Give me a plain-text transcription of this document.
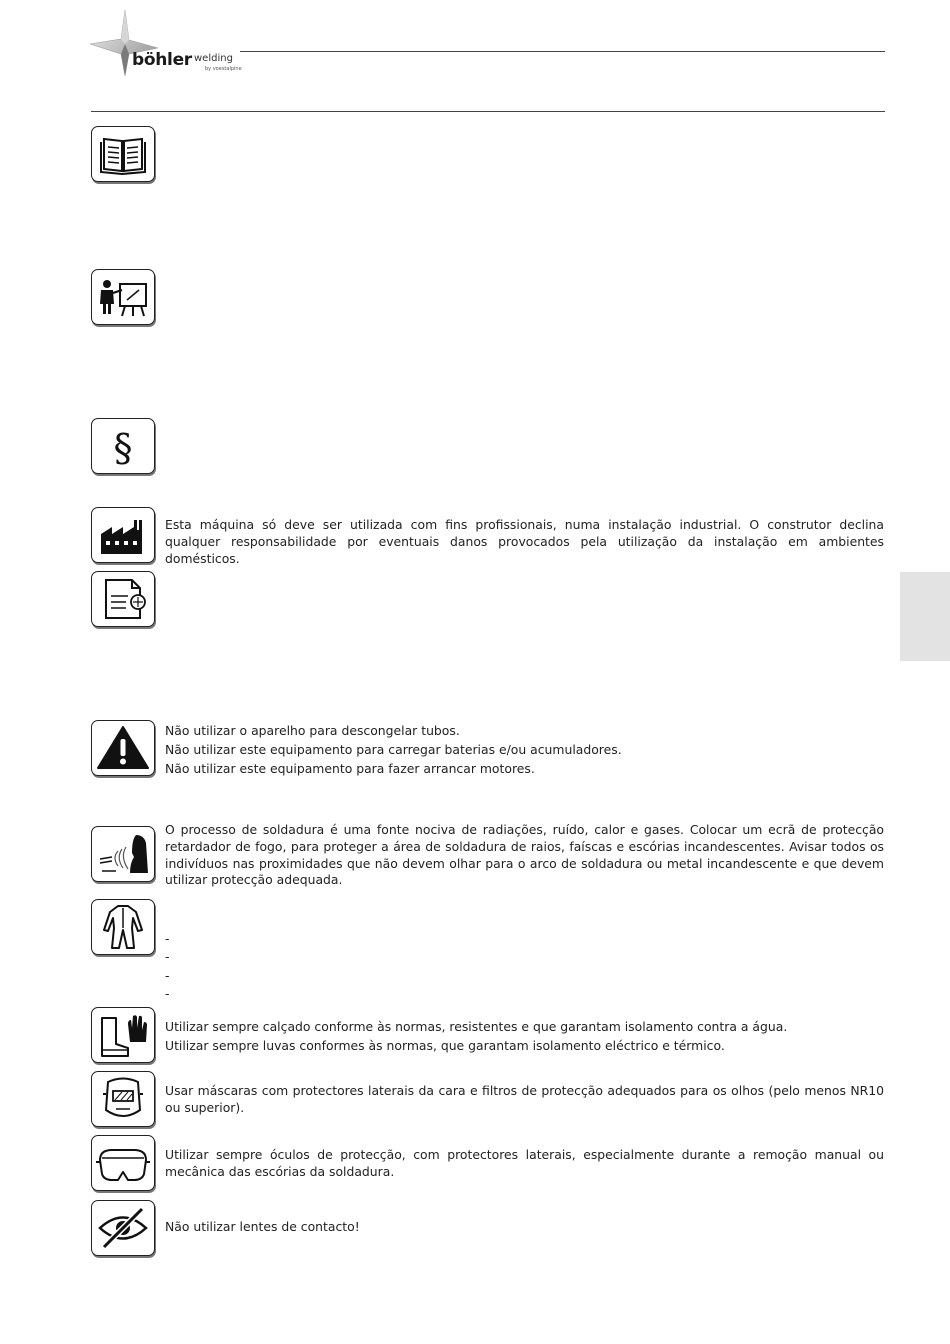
böhler welding
by voestalpine
§

Esta máquina só deve ser utilizada com fins profissionais, numa instalação industrial. O construtor declina qualquer responsabilidade por eventuais danos provocados pela utilização da instalação em ambientes domésticos.

Não utilizar o aparelho para descongelar tubos.
Não utilizar este equipamento para carregar baterias e/ou acumuladores.
Não utilizar este equipamento para fazer arrancar motores.

O processo de soldadura é uma fonte nociva de radiações, ruído, calor e gases. Colocar um ecrã de protecção retardador de fogo, para proteger a área de soldadura de raios, faíscas e escórias incandescentes. Avisar todos os indivíduos nas proximidades que não devem olhar para o arco de soldadura ou metal incandescente e que devem utilizar protecção adequada.

-
-
-
-

Utilizar sempre calçado conforme às normas, resistentes e que garantam isolamento contra a água.
Utilizar sempre luvas conformes às normas, que garantam isolamento eléctrico e térmico.

Usar máscaras com protectores laterais da cara e filtros de protecção adequados para os olhos (pelo menos NR10 ou superior).

Utilizar sempre óculos de protecção, com protectores laterais, especialmente durante a remoção manual ou mecânica das escórias da soldadura.

Não utilizar lentes de contacto!
